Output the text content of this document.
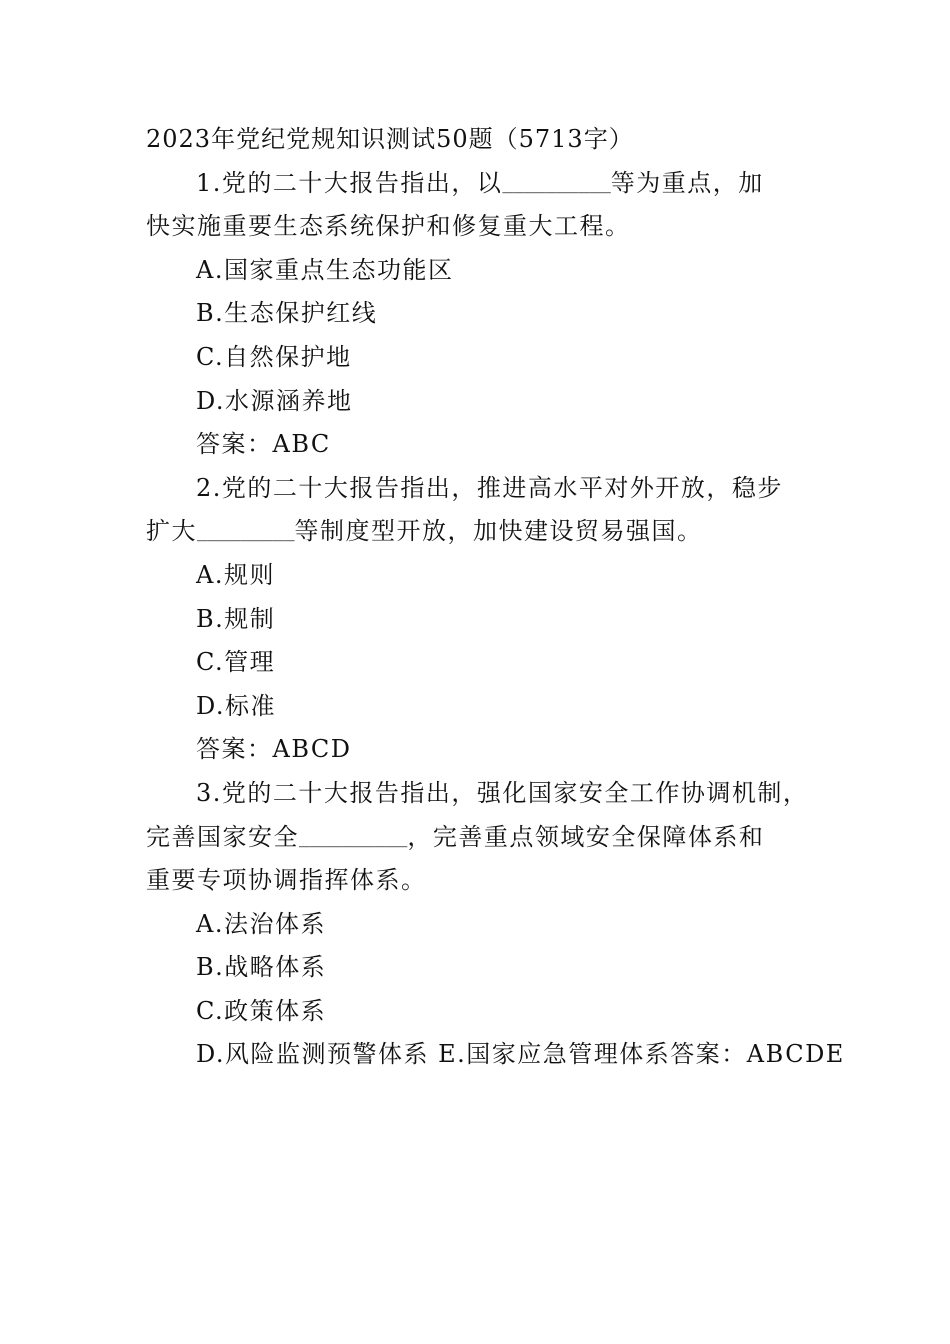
2023年党纪党规知识测试50题（5713字）
1.党的二十大报告指出，以__________等为重点，加
快实施重要生态系统保护和修复重大工程。
A.国家重点生态功能区
B.生态保护红线
C.自然保护地
D.水源涵养地
答案：ABC
2.党的二十大报告指出，推进高水平对外开放，稳步
扩大_________等制度型开放，加快建设贸易强国。
A.规则
B.规制
C.管理
D.标准
答案：ABCD
3.党的二十大报告指出，强化国家安全工作协调机制，
完善国家安全__________，完善重点领域安全保障体系和
重要专项协调指挥体系。
A.法治体系
B.战略体系
C.政策体系
D.风险监测预警体系 E.国家应急管理体系答案：ABCDE
